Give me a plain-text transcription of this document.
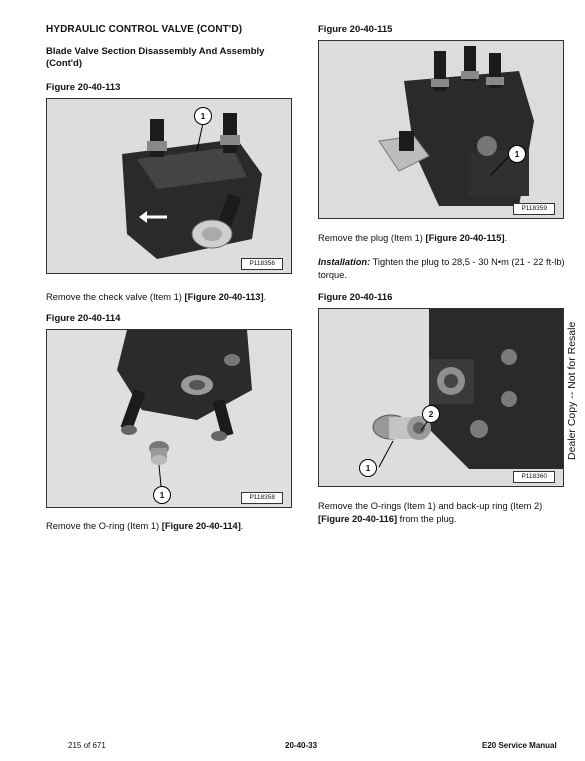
HYDRAULIC CONTROL VALVE (CONT'D)
Blade Valve Section Disassembly And Assembly (Cont'd)
Figure 20-40-113
1
P118356
Remove the check valve (Item 1) [Figure 20-40-113].
Figure 20-40-114
1	P118358
Remove the O-ring (Item 1) [Figure 20-40-114].
Figure 20-40-115
1
P118359
Remove the plug (Item 1) [Figure 20-40-115].
Installation: Tighten the plug to 28,5 - 30 N•m (21 - 22 ft-lb) torque.
Figure 20-40-116
2
1
P118360
Remove the O-rings (Item 1) and back-up ring (Item 2) [Figure 20-40-116] from the plug.
Dealer Copy -- Not for Resale
215 of 671	20-40-33	E20 Service Manual
